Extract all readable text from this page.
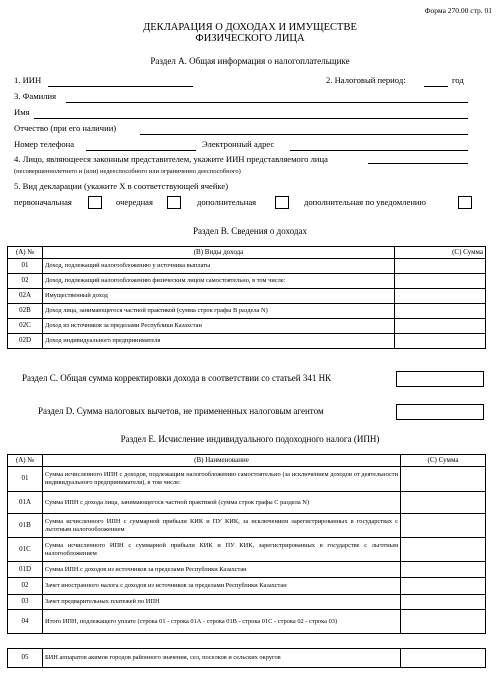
Форма 270.00 стр. 01
ДЕКЛАРАЦИЯ О ДОХОДАХ И ИМУЩЕСТВЕ
ФИЗИЧЕСКОГО ЛИЦА
Раздел А. Общая информация о налогоплательщике
1. ИИН	2. Налоговый период:	год
3. Фамилия
Имя
Отчество (при его наличии)
Номер телефона	Электронный адрес
4. Лицо, являющееся законным представителем, укажите ИИН представляемого лица
(несовершеннолетнего и (или) недееспособного или ограниченно дееспособного)
5. Вид декларации (укажите Х в соответствующей ячейке)
первоначальная	очередная	дополнительная	дополнительная по уведомлению
Раздел В. Сведения о доходах
(А) №	(В) Виды дохода	(С) Сумма
01	Доход, подлежащий налогообложению у источника выплаты	
02	Доход, подлежащий налогообложению физическим лицом самостоятельно, в том числе:	
02А	Имущественный доход	
02В	Доход лица, занимающегося частной практикой (сумма строк графы В раздела N)	
02С	Доход из источников за пределами Республики Казахстан	
02D	Доход индивидуального предпринимателя	
Раздел С. Общая сумма корректировки дохода в соответствии со статьей 341 НК
Раздел D. Сумма налоговых вычетов, не примененных налоговым агентом
Раздел Е. Исчисление индивидуального подоходного налога (ИПН)
(А) №	(В) Наименование	(С) Сумма
01	Сумма исчисленного ИПН с доходов, подлежащим налогообложению самостоятельно (за исключением доходов от деятельности индивидуального предпринимателя), в том числе:	
01А	Сумма ИПН с дохода лица, занимающегося частной практикой (сумма строк графы С раздела N)	
01В	Сумма исчисленного ИПН с суммарной прибыли КИК и ПУ КИК, за исключением зарегистрированных в государствах с льготным налогообложением	
01С	Сумма исчисленного ИПН с суммарной прибыли КИК и ПУ КИК, зарегистрированных в государстве с льготным налогообложением	
01D	Сумма ИПН с доходов из источников за пределами Республики Казахстан	
02	Зачет иностранного налога с доходов из источников за пределами Республики Казахстан	
03	Зачет предварительных платежей по ИПН	
04	Итого ИПН, подлежащего уплате (строка 01 - строка 01А - строка 01В - строка 01С - строка 02 - строка 03)	
05	БИН аппаратов акимов городов районного значения, сел, поселков и сельских округов	
